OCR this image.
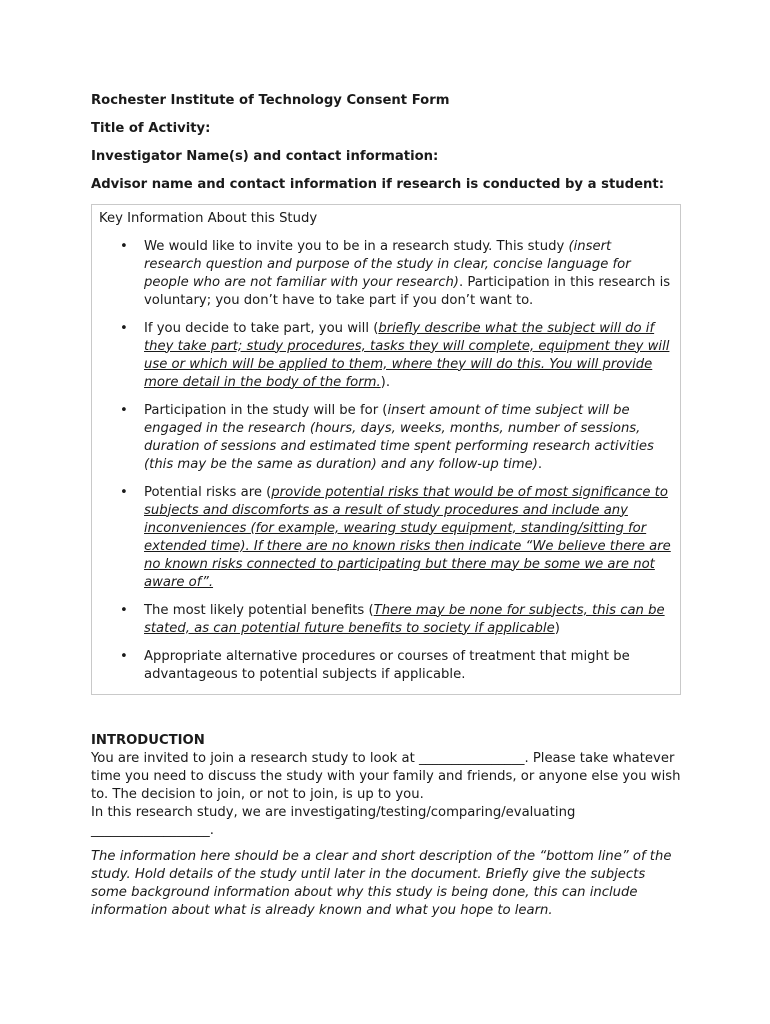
Rochester Institute of Technology Consent Form
Title of Activity:
Investigator Name(s) and contact information:
Advisor name and contact information if research is conducted by a student:
Key Information About this Study
• We would like to invite you to be in a research study. This study (insert research question and purpose of the study in clear, concise language for people who are not familiar with your research). Participation in this research is voluntary; you don’t have to take part if you don’t want to.
• If you decide to take part, you will (briefly describe what the subject will do if they take part; study procedures, tasks they will complete, equipment they will use or which will be applied to them, where they will do this. You will provide more detail in the body of the form.).
• Participation in the study will be for (insert amount of time subject will be engaged in the research (hours, days, weeks, months, number of sessions, duration of sessions and estimated time spent performing research activities (this may be the same as duration) and any follow-up time).
• Potential risks are (provide potential risks that would be of most significance to subjects and discomforts as a result of study procedures and include any inconveniences (for example, wearing study equipment, standing/sitting for extended time). If there are no known risks then indicate “We believe there are no known risks connected to participating but there may be some we are not aware of”.
• The most likely potential benefits (There may be none for subjects, this can be stated, as can potential future benefits to society if applicable)
• Appropriate alternative procedures or courses of treatment that might be advantageous to potential subjects if applicable.
INTRODUCTION

You are invited to join a research study to look at ________________. Please take whatever time you need to discuss the study with your family and friends, or anyone else you wish to. The decision to join, or not to join, is up to you.

In this research study, we are investigating/testing/comparing/evaluating __________________.

The information here should be a clear and short description of the “bottom line” of the study. Hold details of the study until later in the document. Briefly give the subjects some background information about why this study is being done, this can include information about what is already known and what you hope to learn.
